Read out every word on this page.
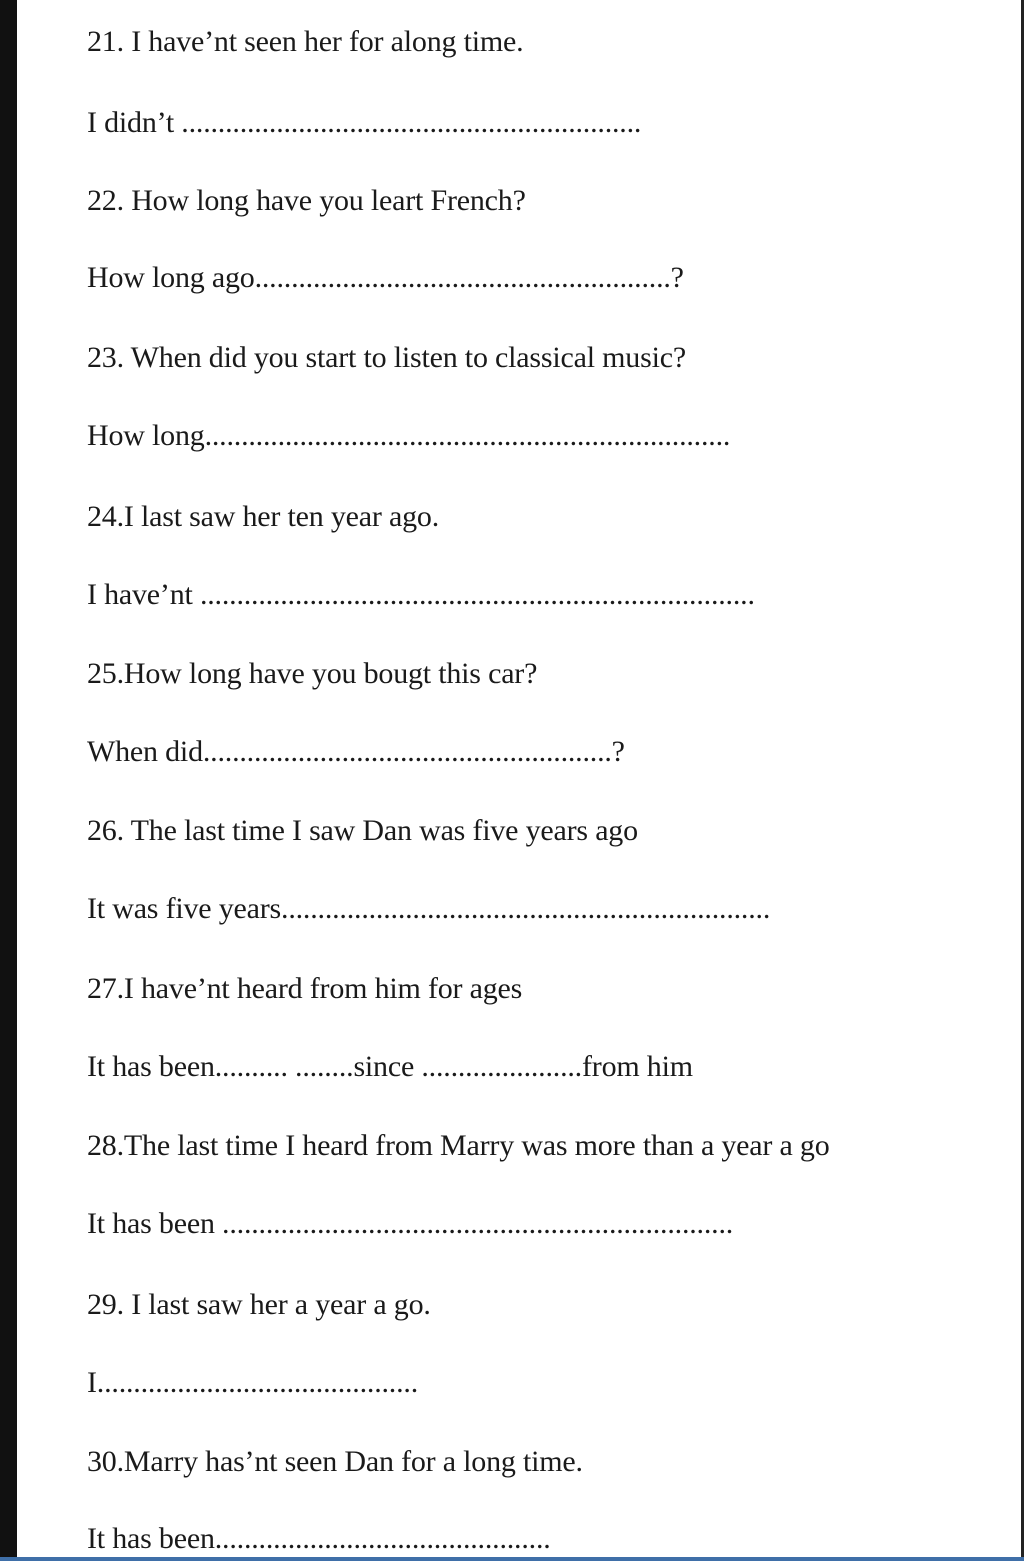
21. I have’nt seen her for along time.
I didn’t ...............................................................
22. How long have you leart French?
How long ago.........................................................?
23. When did you start to listen to classical music?
How long........................................................................
24.I last saw her ten year ago.
I have’nt ............................................................................
25.How long have you bougt this car?
When did........................................................?
26. The last time I saw Dan was five years ago
It was five years...................................................................
27.I have’nt heard from him for ages
It has been.......... ........since ......................from him
28.The last time I heard from Marry was more than a year a go
It has been ......................................................................
29. I last saw her a year a go.
I............................................
30.Marry has’nt seen Dan for a long time.
It has been..............................................
